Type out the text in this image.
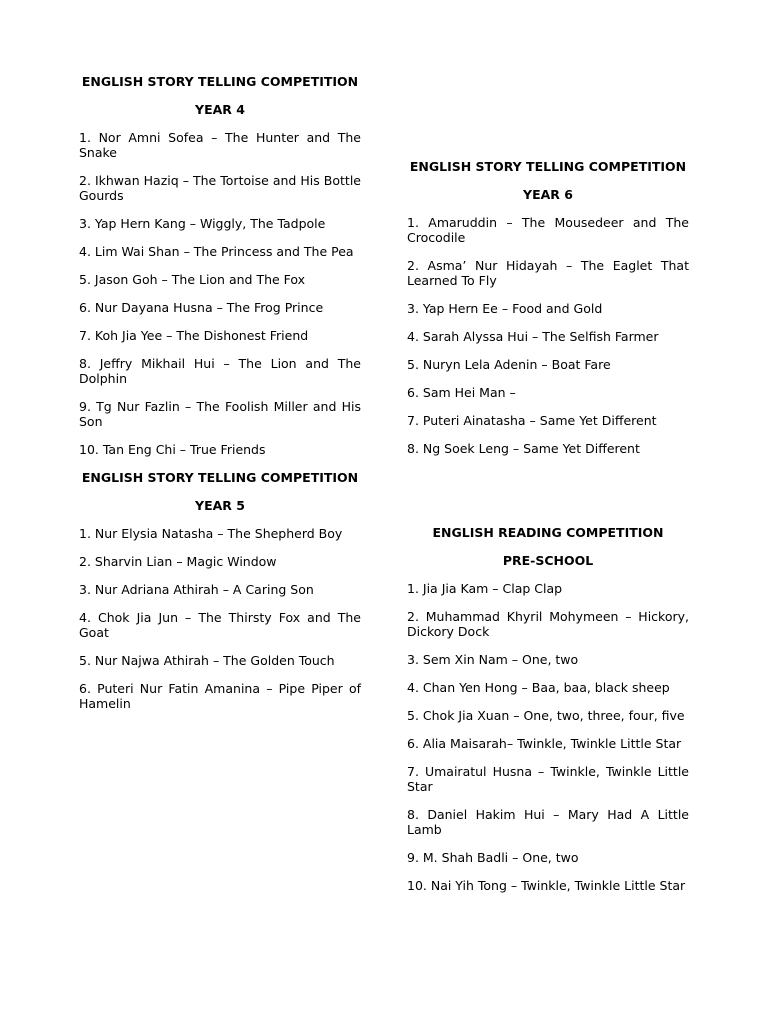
ENGLISH STORY TELLING COMPETITION
YEAR 4
1. Nor Amni Sofea – The Hunter and The Snake
2. Ikhwan Haziq – The Tortoise and His Bottle Gourds
3. Yap Hern Kang – Wiggly, The Tadpole
4. Lim Wai Shan – The Princess and The Pea
5. Jason Goh – The Lion and The Fox
6. Nur Dayana Husna – The Frog Prince
7. Koh Jia Yee – The Dishonest Friend
8. Jeffry Mikhail Hui – The Lion and The Dolphin
9. Tg Nur Fazlin – The Foolish Miller and His Son
10. Tan Eng Chi – True Friends
ENGLISH STORY TELLING COMPETITION
YEAR 5
1. Nur Elysia Natasha – The Shepherd Boy
2. Sharvin Lian – Magic Window
3. Nur Adriana Athirah – A Caring Son
4. Chok Jia Jun – The Thirsty Fox and The Goat
5. Nur Najwa Athirah – The Golden Touch
6. Puteri Nur Fatin Amanina – Pipe Piper of Hamelin
ENGLISH STORY TELLING COMPETITION
YEAR 6
1. Amaruddin – The Mousedeer and The Crocodile
2. Asma’ Nur Hidayah – The Eaglet That Learned To Fly
3. Yap Hern Ee – Food and Gold
4. Sarah Alyssa Hui – The Selfish Farmer
5. Nuryn Lela Adenin – Boat Fare
6. Sam Hei Man –
7. Puteri Ainatasha – Same Yet Different
8. Ng Soek Leng – Same Yet Different
ENGLISH READING COMPETITION
PRE-SCHOOL
1. Jia Jia Kam – Clap Clap
2. Muhammad Khyril Mohymeen – Hickory, Dickory Dock
3. Sem Xin Nam – One, two
4. Chan Yen Hong – Baa, baa, black sheep
5. Chok Jia Xuan – One, two, three, four, five
6. Alia Maisarah– Twinkle, Twinkle Little Star
7. Umairatul Husna – Twinkle, Twinkle Little Star
8. Daniel Hakim Hui – Mary Had A Little Lamb
9. M. Shah Badli – One, two
10. Nai Yih Tong – Twinkle, Twinkle Little Star
